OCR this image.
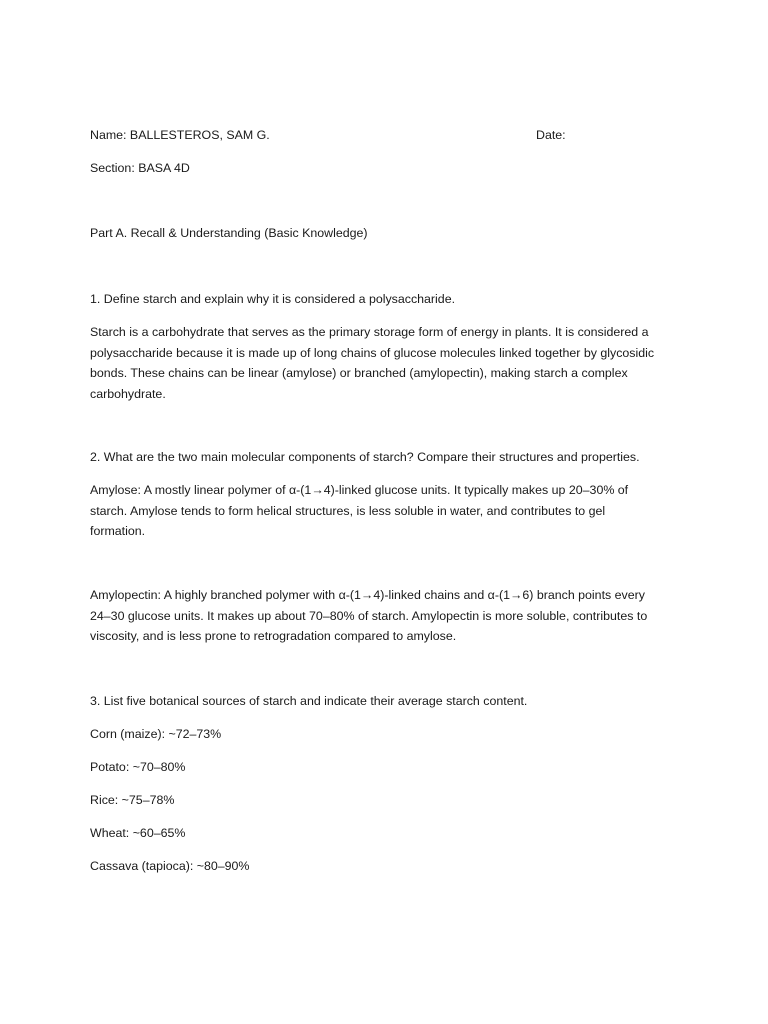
Name: BALLESTEROS, SAM G.	Date:
Section: BASA 4D
Part A. Recall & Understanding (Basic Knowledge)
1. Define starch and explain why it is considered a polysaccharide.
Starch is a carbohydrate that serves as the primary storage form of energy in plants. It is considered a
polysaccharide because it is made up of long chains of glucose molecules linked together by glycosidic
bonds. These chains can be linear (amylose) or branched (amylopectin), making starch a complex
carbohydrate.
2. What are the two main molecular components of starch? Compare their structures and properties.
Amylose: A mostly linear polymer of α-(1→4)-linked glucose units. It typically makes up 20–30% of
starch. Amylose tends to form helical structures, is less soluble in water, and contributes to gel
formation.
Amylopectin: A highly branched polymer with α-(1→4)-linked chains and α-(1→6) branch points every
24–30 glucose units. It makes up about 70–80% of starch. Amylopectin is more soluble, contributes to
viscosity, and is less prone to retrogradation compared to amylose.
3. List five botanical sources of starch and indicate their average starch content.
Corn (maize): ~72–73%
Potato: ~70–80%
Rice: ~75–78%
Wheat: ~60–65%
Cassava (tapioca): ~80–90%
